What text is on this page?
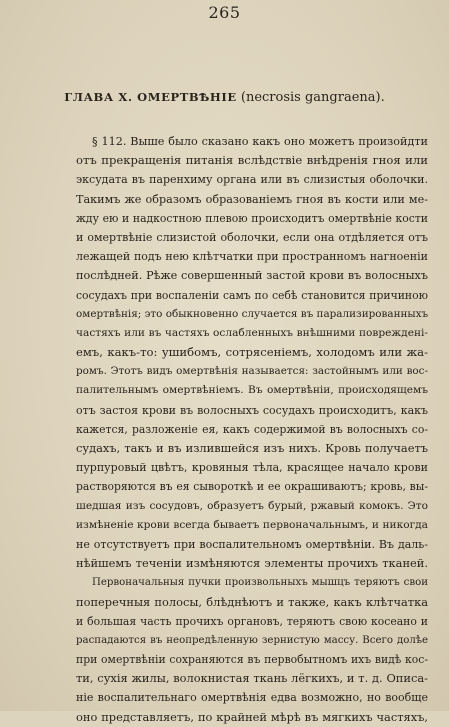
265
ГЛАВА X. ОМЕРТВѢНІЕ (necrosis gangraena).
§ 112. Выше было сказано какъ оно можетъ произойдти
отъ прекращенія питанія вслѣдствіе внѣдренія гноя или
эксудата въ паренхиму органа или въ слизистыя оболочки.
Такимъ же образомъ образованіемъ гноя въ кости или ме-
жду ею и надкостною плевою происходитъ омертвѣніе кости
и омертвѣніе слизистой оболочки, если она отдѣляется отъ
лежащей подъ нею клѣтчатки при пространномъ нагноеніи
послѣдней. Рѣже совершенный застой крови въ волосныхъ
сосудахъ при воспаленіи самъ по себѣ становится причиною
омертвѣнія; это обыкновенно случается въ парализированныхъ
частяхъ или въ частяхъ ослабленныхъ внѣшними повреждені-
емъ, какъ-то: ушибомъ, сотрясеніемъ, холодомъ или жа-
ромъ. Этотъ видъ омертвѣнія называется: застойнымъ или вос-
палительнымъ омертвѣніемъ. Въ омертвѣніи, происходящемъ
отъ застоя крови въ волосныхъ сосудахъ происходитъ, какъ
кажется, разложеніе ея, какъ содержимой въ волосныхъ со-
судахъ, такъ и въ излившейся изъ нихъ. Кровь получаетъ
пурпуровый цвѣтъ, кровяныя тѣла, красящее начало крови
растворяются въ ея сывороткѣ и ее окрашиваютъ; кровь, вы-
шедшая изъ сосудовъ, образуетъ бурый, ржавый комокъ. Это
измѣненіе крови всегда бываетъ первоначальнымъ, и никогда
не отсутствуетъ при воспалительномъ омертвѣніи. Въ даль-
нѣйшемъ теченіи измѣняются элементы прочихъ тканей.
Первоначальныя пучки произвольныхъ мышцъ теряютъ свои
поперечныя полосы, блѣднѣютъ и также, какъ клѣтчатка
и большая часть прочихъ органовъ, теряютъ свою косеано и
распадаются въ неопредѣленную зернистую массу. Всего долѣе
при омертвѣніи сохраняются въ первобытномъ ихъ видѣ кос-
ти, сухія жилы, волокнистая ткань лёгкихъ, и т. д. Описа-
ніе воспалительнаго омертвѣнія едва возможно, но вообще
оно представляетъ, по крайней мѣрѣ въ мягкихъ частяхъ,
